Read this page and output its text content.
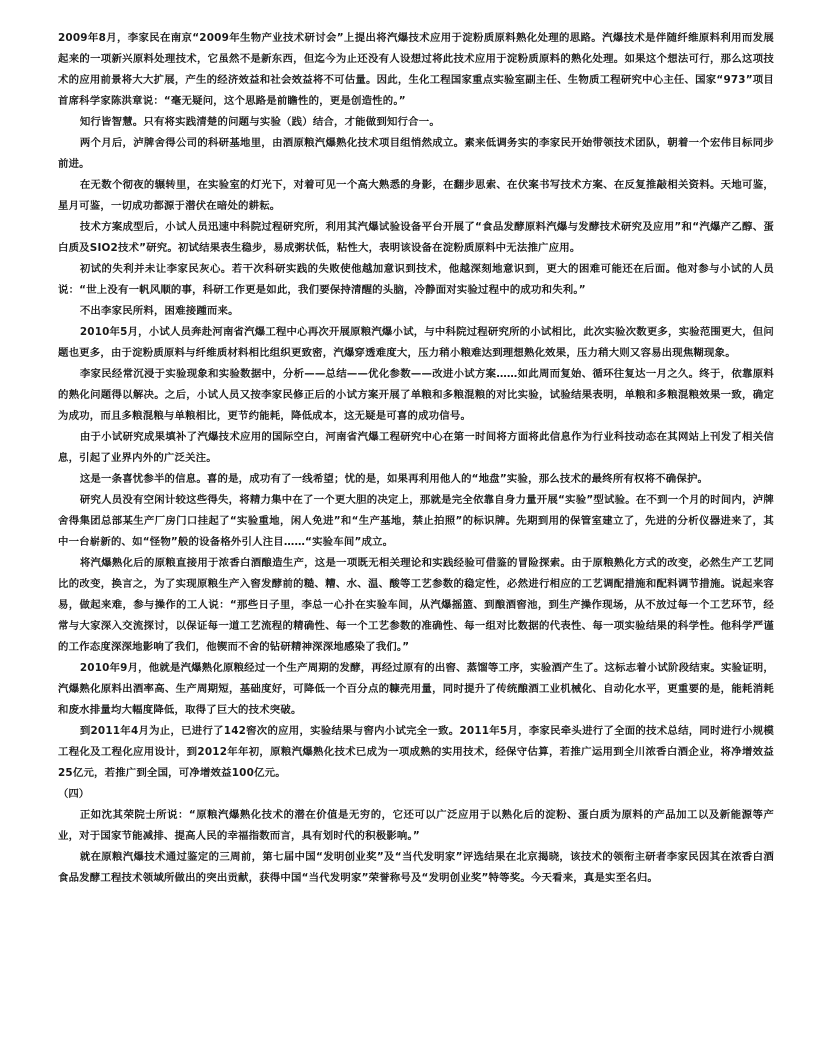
2009年8月，李家民在南京“2009年生物产业技术研讨会”上提出将汽爆技术应用于淀粉质原料熟化处理的思路。汽爆技术是伴随纤维原料利用而发展起来的一项新兴原料处理技术，它虽然不是新东西，但迄今为止还没有人设想过将此技术应用于淀粉质原料的熟化处理。如果这个想法可行，那么这项技术的应用前景将大大扩展，产生的经济效益和社会效益将不可估量。因此，生化工程国家重点实验室副主任、生物质工程研究中心主任、国家“973”项目首席科学家陈洪章说：“毫无疑问，这个思路是前瞻性的，更是创造性的。”

知行皆智慧。只有将实践清楚的问题与实验（践）结合，才能做到知行合一。

两个月后，泸牌舍得公司的科研基地里，由酒原粮汽爆熟化技术项目组悄然成立。素来低调务实的李家民开始带领技术团队，朝着一个宏伟目标同步前进。

在无数个彻夜的辗转里，在实验室的灯光下，对着可见一个高大熟悉的身影，在翻步思索、在伏案书写技术方案、在反复推敲相关资料。天地可鉴，星月可鉴，一切成功都源于潜伏在暗处的耕耘。

技术方案成型后，小试人员迅速中科院过程研究所，利用其汽爆试验设备平台开展了“食品发酵原料汽爆与发酵技术研究及应用”和“汽爆产乙醇、蛋白质及SIO2技术”研究。初试结果表生稳步，易成粥状低，粘性大，表明该设备在淀粉质原料中无法推广应用。

初试的失利并未让李家民灰心。若干次科研实践的失败使他越加意识到技术，他越深刻地意识到，更大的困难可能还在后面。他对参与小试的人员说：“世上没有一帆风顺的事，科研工作更是如此，我们要保持清醒的头脑，冷静面对实验过程中的成功和失利。”

不出李家民所料，困难接踵而来。

2010年5月，小试人员奔赴河南省汽爆工程中心再次开展原粮汽爆小试，与中科院过程研究所的小试相比，此次实验次数更多，实验范围更大，但问题也更多，由于淀粉质原料与纤维质材料相比组织更致密，汽爆穿透难度大，压力稍小粮难达到理想熟化效果，压力稍大则又容易出现焦糊现象。

李家民经常沉浸于实验现象和实验数据中，分析——总结——优化参数——改进小试方案……如此周而复始、循环往复达一月之久。终于，依靠原料的熟化问题得以解决。之后，小试人员又按李家民修正后的小试方案开展了单粮和多粮混粮的对比实验，试验结果表明，单粮和多粮混粮效果一致，确定为成功，而且多粮混粮与单粮相比，更节约能耗，降低成本，这无疑是可喜的成功信号。

由于小试研究成果填补了汽爆技术应用的国际空白，河南省汽爆工程研究中心在第一时间将方面将此信息作为行业科技动态在其网站上刊发了相关信息，引起了业界内外的广泛关注。

这是一条喜忧参半的信息。喜的是，成功有了一线希望；忧的是，如果再利用他人的“地盘”实验，那么技术的最终所有权将不确保护。

研究人员没有空闲计较这些得失，将精力集中在了一个更大胆的决定上，那就是完全依靠自身力量开展“实验”型试验。在不到一个月的时间内，泸牌舍得集团总部某生产厂房门口挂起了“实验重地，闲人免进”和“生产基地，禁止拍照”的标识牌。先期到用的保管室建立了，先进的分析仪器进来了，其中一台崭新的、如“怪物”般的设备格外引人注目……“实验车间”成立。

将汽爆熟化后的原粮直接用于浓香白酒酿造生产，这是一项既无相关理论和实践经验可借鉴的冒险探索。由于原粮熟化方式的改变，必然生产工艺同比的改变，换言之，为了实现原粮生产入窖发酵前的糙、糟、水、温、酸等工艺参数的稳定性，必然进行相应的工艺调配措施和配料调节措施。说起来容易，做起来难，参与操作的工人说：“那些日子里，李总一心扑在实验车间，从汽爆摇篮、到酿酒窖池，到生产操作现场，从不放过每一个工艺环节，经常与大家深入交流探讨，以保证每一道工艺流程的精确性、每一个工艺参数的准确性、每一组对比数据的代表性、每一项实验结果的科学性。他科学严谨的工作态度深深地影响了我们，他锲而不舍的钻研精神深深地感染了我们。”

2010年9月，他就是汽爆熟化原粮经过一个生产周期的发酵，再经过原有的出窖、蒸馏等工序，实验酒产生了。这标志着小试阶段结束。实验证明，汽爆熟化原料出酒率高、生产周期短，基础度好，可降低一个百分点的糠壳用量，同时提升了传统酿酒工业机械化、自动化水平，更重要的是，能耗消耗和废水排量均大幅度降低，取得了巨大的技术突破。

到2011年4月为止，已进行了142窖次的应用，实验结果与窖内小试完全一致。2011年5月，李家民牵头进行了全面的技术总结，同时进行小规模工程化及工程化应用设计，到2012年年初，原粮汽爆熟化技术已成为一项成熟的实用技术，经保守估算，若推广运用到全川浓香白酒企业，将净增效益25亿元，若推广到全国，可净增效益100亿元。

（四）

正如沈其荣院士所说：“原粮汽爆熟化技术的潜在价值是无穷的，它还可以广泛应用于以熟化后的淀粉、蛋白质为原料的产品加工以及新能源等产业，对于国家节能减排、提高人民的幸福指数而言，具有划时代的积极影响。”

就在原粮汽爆技术通过鉴定的三周前，第七届中国“发明创业奖”及“当代发明家”评选结果在北京揭晓，该技术的领衔主研者李家民因其在浓香白酒食品发酵工程技术领域所做出的突出贡献，获得中国“当代发明家”荣誉称号及“发明创业奖”特等奖。今天看来，真是实至名归。
